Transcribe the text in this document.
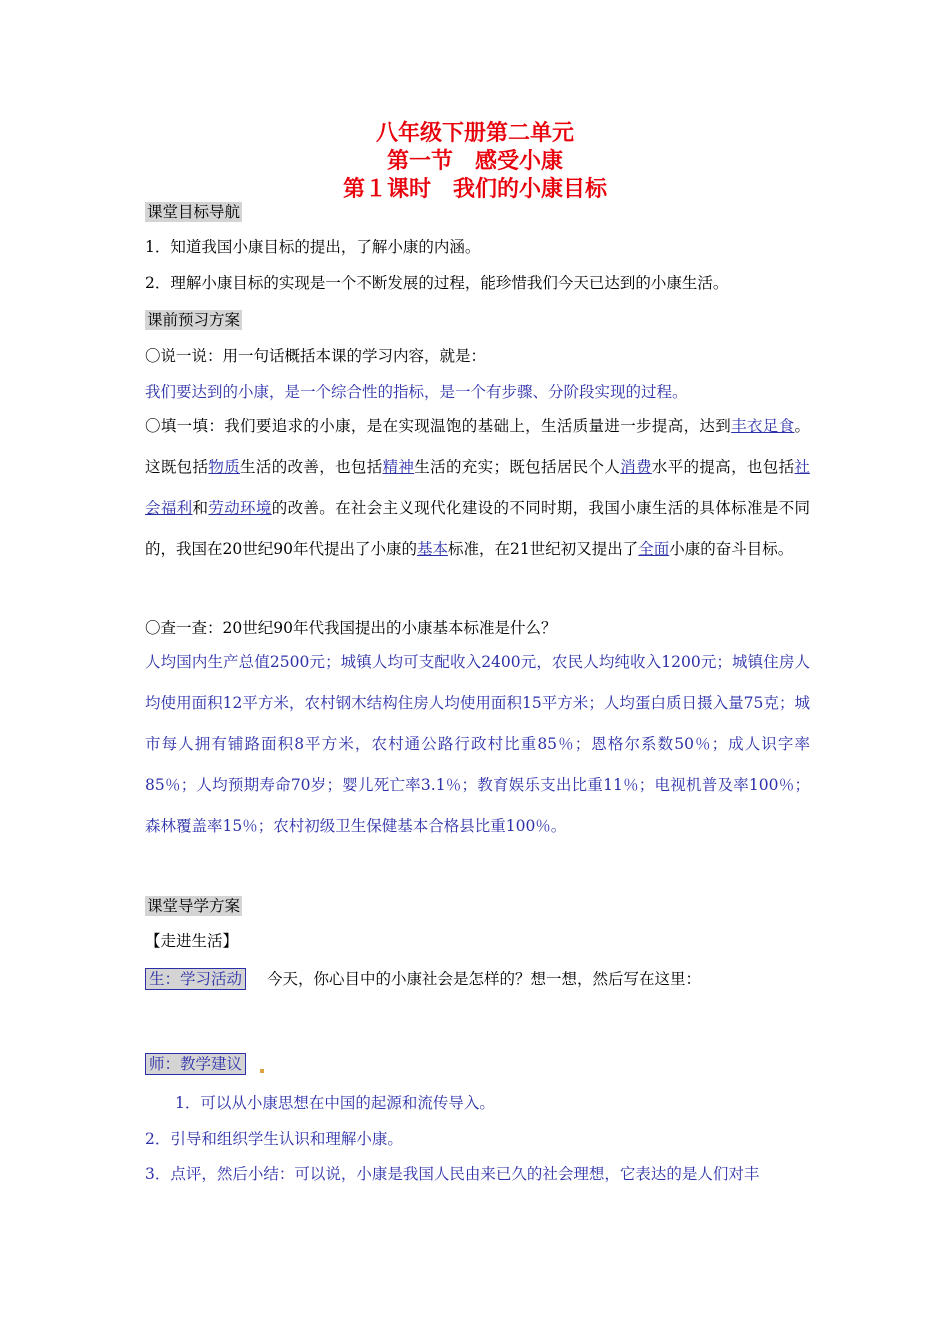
八年级下册第二单元
第一节　感受小康
第１课时　我们的小康目标
课堂目标导航
1．知道我国小康目标的提出，了解小康的内涵。
2．理解小康目标的实现是一个不断发展的过程，能珍惜我们今天已达到的小康生活。
课前预习方案
〇说一说：用一句话概括本课的学习内容，就是：
我们要达到的小康，是一个综合性的指标，是一个有步骤、分阶段实现的过程。
〇填一填：我们要追求的小康，是在实现温饱的基础上，生活质量进一步提高，达到丰衣足食。这既包括物质生活的改善，也包括精神生活的充实；既包括居民个人消费水平的提高，也包括社会福利和劳动环境的改善。在社会主义现代化建设的不同时期，我国小康生活的具体标准是不同的，我国在20世纪90年代提出了小康的基本标准，在21世纪初又提出了全面小康的奋斗目标。
〇查一查：20世纪90年代我国提出的小康基本标准是什么？
人均国内生产总值2500元；城镇人均可支配收入2400元，农民人均纯收入1200元；城镇住房人均使用面积12平方米，农村钢木结构住房人均使用面积15平方米；人均蛋白质日摄入量75克；城市每人拥有铺路面积8平方米，农村通公路行政村比重85％；恩格尔系数50％；成人识字率85％；人均预期寿命70岁；婴儿死亡率3.1％；教育娱乐支出比重11％；电视机普及率100％；森林覆盖率15％；农村初级卫生保健基本合格县比重100％。
课堂导学方案
【走进生活】
生：学习活动 今天，你心目中的小康社会是怎样的？想一想，然后写在这里：
师：教学建议
1．可以从小康思想在中国的起源和流传导入。
2．引导和组织学生认识和理解小康。
3．点评，然后小结：可以说，小康是我国人民由来已久的社会理想，它表达的是人们对丰
